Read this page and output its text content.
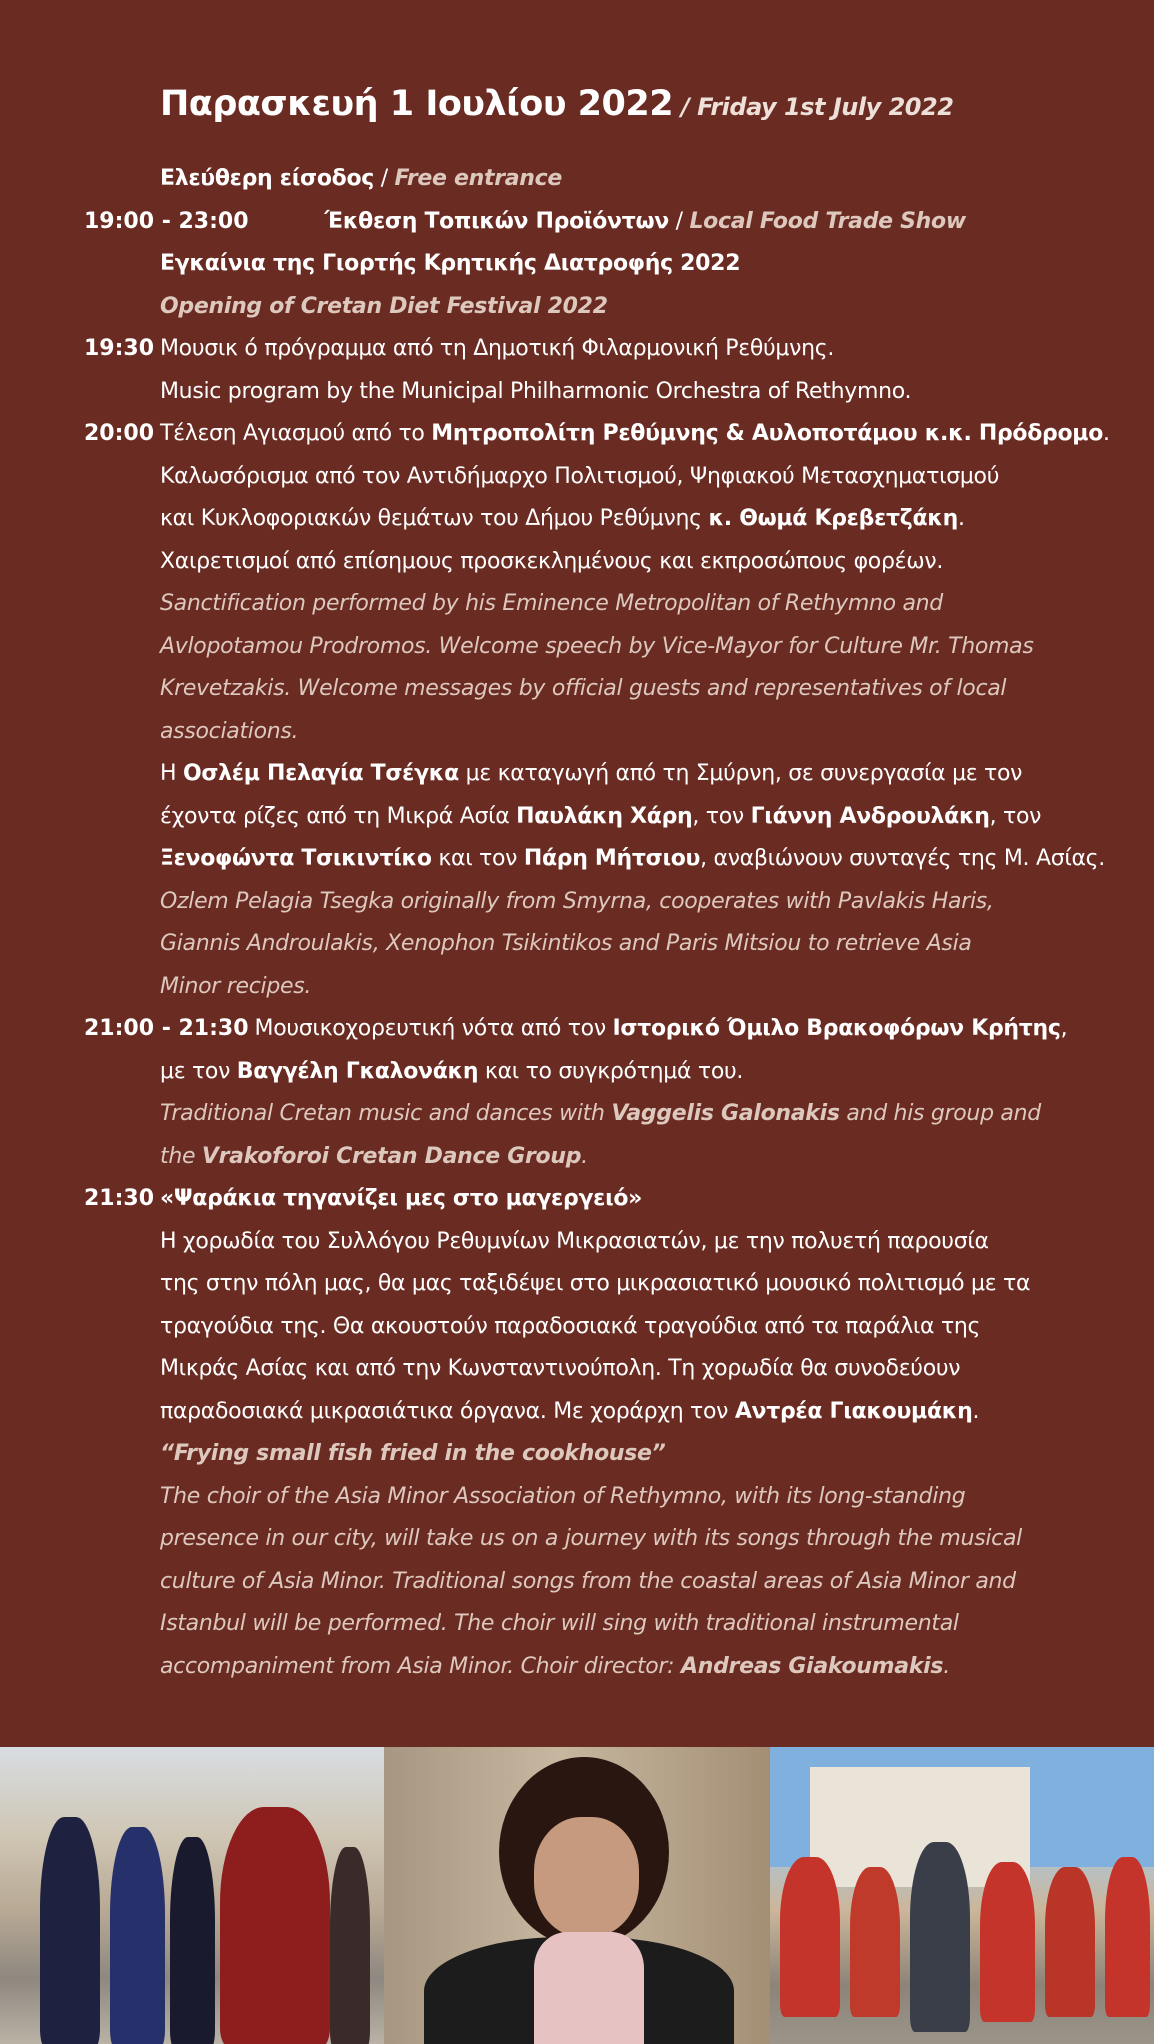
Παρασκευή 1 Ιουλίου 2022 / Friday 1st July 2022
Ελεύθερη είσοδος / Free entrance
19:00 - 23:00	Έκθεση Τοπικών Προϊόντων / Local Food Trade Show
Εγκαίνια της Γιορτής Κρητικής Διατροφής 2022
Opening of Cretan Diet Festival 2022
19:30 Μουσικ ό πρόγραμμα από τη Δημοτική Φιλαρμονική Ρεθύμνης.
Music program by the Municipal Philharmonic Orchestra of Rethymno.
20:00 Τέλεση Αγιασμού από το Μητροπολίτη Ρεθύμνης & Αυλοποτάμου κ.κ. Πρόδρομο.
Καλωσόρισμα από τον Αντιδήμαρχο Πολιτισμού, Ψηφιακού Μετασχηματισμού
και Κυκλοφοριακών θεμάτων του Δήμου Ρεθύμνης κ. Θωμά Κρεβετζάκη.
Χαιρετισμοί από επίσημους προσκεκλημένους και εκπροσώπους φορέων.
Sanctification performed by his Eminence Metropolitan of Rethymno and
Avlopotamou Prodromos. Welcome speech by Vice-Mayor for Culture Mr. Thomas
Krevetzakis. Welcome messages by official guests and representatives of local
associations.
Η Οσλέμ Πελαγία Τσέγκα με καταγωγή από τη Σμύρνη, σε συνεργασία με τον
έχοντα ρίζες από τη Μικρά Ασία Παυλάκη Χάρη, τον Γιάννη Ανδρουλάκη, τον
Ξενοφώντα Τσικιντίκο και τον Πάρη Μήτσιου, αναβιώνουν συνταγές της Μ. Ασίας.
Ozlem Pelagia Tsegka originally from Smyrna, cooperates with Pavlakis Haris,
Giannis Androulakis, Xenophon Tsikintikos and Paris Mitsiou to retrieve Asia
Minor recipes.
21:00 - 21:30 Μουσικοχορευτική νότα από τον Ιστορικό Όμιλο Βρακοφόρων Κρήτης,
με τον Βαγγέλη Γκαλονάκη και το συγκρότημά του.
Traditional Cretan music and dances with Vaggelis Galonakis and his group and
the Vrakoforoi Cretan Dance Group.
21:30 «Ψαράκια τηγανίζει μες στο μαγεργειό»
Η χορωδία του Συλλόγου Ρεθυμνίων Μικρασιατών, με την πολυετή παρουσία
της στην πόλη μας, θα μας ταξιδέψει στο μικρασιατικό μουσικό πολιτισμό με τα
τραγούδια της. Θα ακουστούν παραδοσιακά τραγούδια από τα παράλια της
Μικράς Ασίας και από την Κωνσταντινούπολη. Τη χορωδία θα συνοδεύουν
παραδοσιακά μικρασιάτικα όργανα. Με χοράρχη τον Αντρέα Γιακουμάκη.
“Frying small fish fried in the cookhouse”
The choir of the Asia Minor Association of Rethymno, with its long-standing
presence in our city, will take us on a journey with its songs through the musical
culture of Asia Minor. Traditional songs from the coastal areas of Asia Minor and
Istanbul will be performed. The choir will sing with traditional instrumental
accompaniment from Asia Minor. Choir director: Andreas Giakoumakis.
